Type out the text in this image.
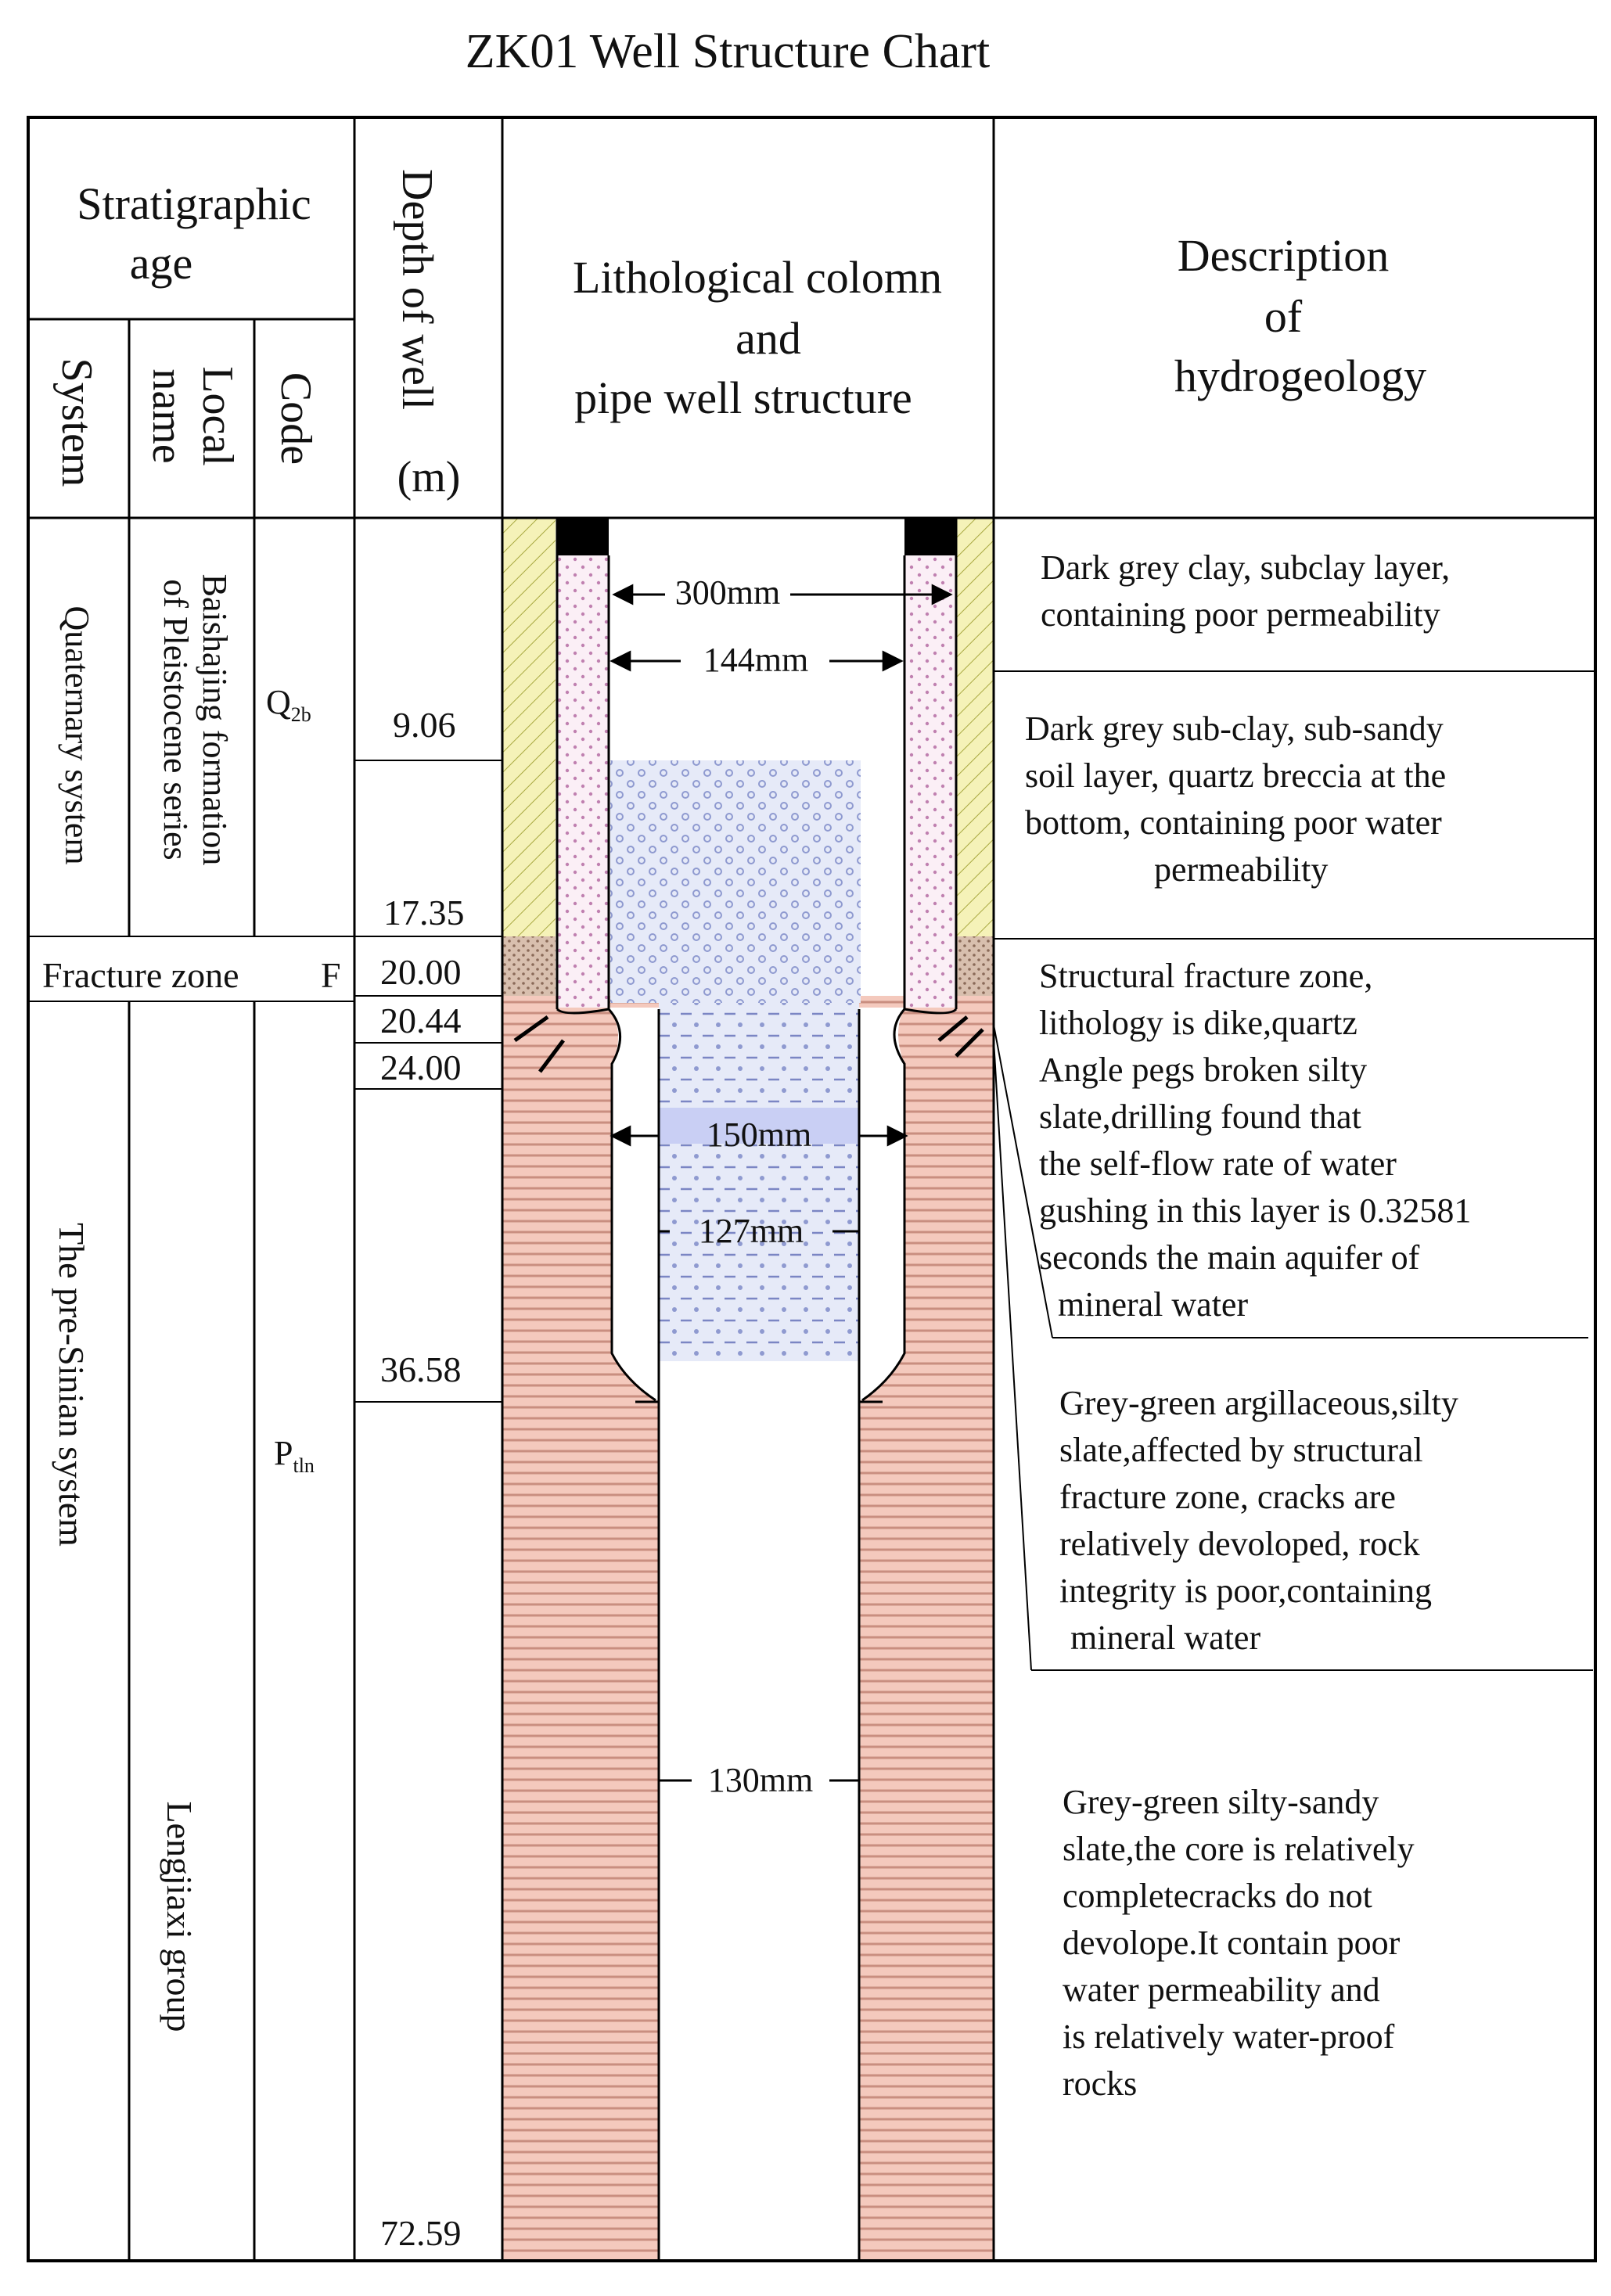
ZK01 Well Structure Chart
300mm
144mm
150mm
127mm
130mm
Stratigraphic
age
System Local
name Code
Depth of well
(m)
Lithological colomn
and
pipe well structure
Description
of
hydrogeology
Quaternary system	Baishajing formation
of Pleistocene series $Q_{2b}$
Fracture zone F
The pre-Sinian system
Lengjiaxi group
$P_{tln}$
9.06
17.35
20.00
20.44
24.00
36.58
72.59
Dark grey clay, subclay layer,
containing poor permeability
Dark grey sub-clay, sub-sandy
soil layer, quartz breccia at the
bottom, containing poor water
permeability
Structural fracture zone,
lithology is dike,quartz
Angle pegs broken silty
slate,drilling found that
the self-flow rate of water
gushing in this layer is 0.32581
seconds the main aquifer of
mineral water
Grey-green argillaceous,silty
slate,affected by structural
fracture zone, cracks are
relatively devoloped, rock
integrity is poor,containing
mineral water
Grey-green silty-sandy
slate,the core is relatively
completecracks do not
devolope.It contain poor
water permeability and
is relatively water-proof
rocks
